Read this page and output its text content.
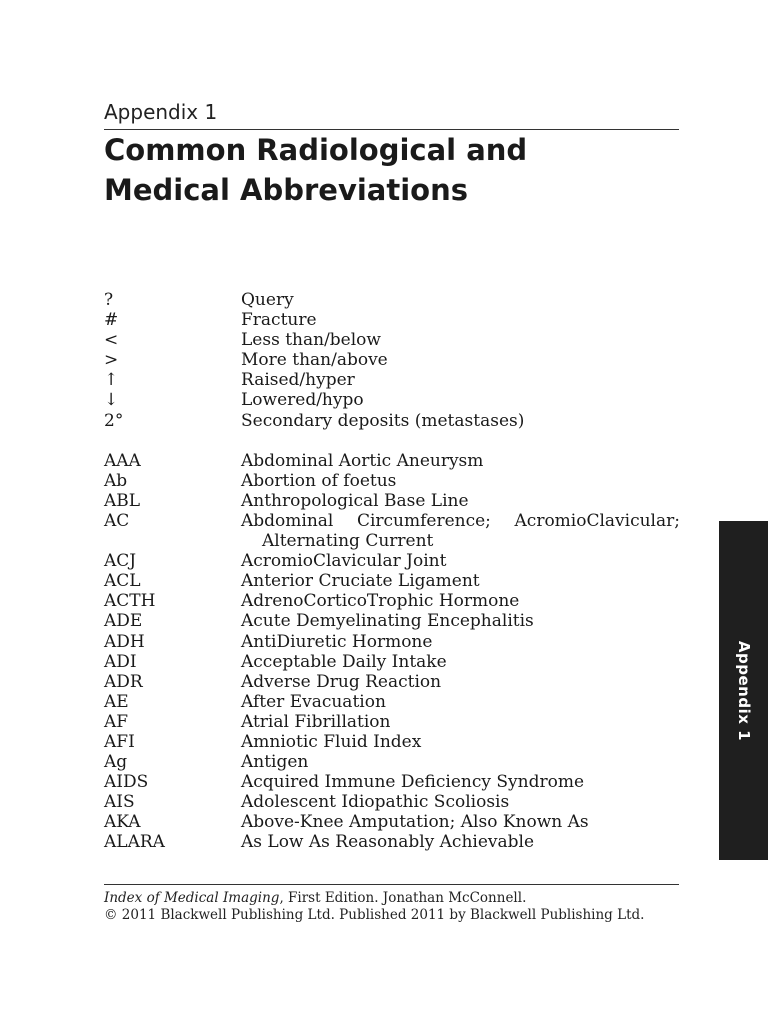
Appendix 1
Common Radiological and
Medical Abbreviations
?	Query
#	Fracture
<	Less than/below
>	More than/above
↑	Raised/hyper
↓	Lowered/hypo
2°	Secondary deposits (metastases)
AAA	Abdominal Aortic Aneurysm
Ab	Abortion of foetus
ABL	Anthropological Base Line
AC	Abdominal Circumference; AcromioClavicular;
Alternating Current
ACJ	AcromioClavicular Joint
ACL	Anterior Cruciate Ligament
ACTH	AdrenoCorticoTrophic Hormone
ADE	Acute Demyelinating Encephalitis
ADH	AntiDiuretic Hormone
ADI	Acceptable Daily Intake
ADR	Adverse Drug Reaction
AE	After Evacuation
AF	Atrial Fibrillation
AFI	Amniotic Fluid Index
Ag	Antigen
AIDS	Acquired Immune Deficiency Syndrome
AIS	Adolescent Idiopathic Scoliosis
AKA	Above-Knee Amputation; Also Known As
ALARA	As Low As Reasonably Achievable
Index of Medical Imaging, First Edition. Jonathan McConnell.
© 2011 Blackwell Publishing Ltd. Published 2011 by Blackwell Publishing Ltd.
Appendix 1
